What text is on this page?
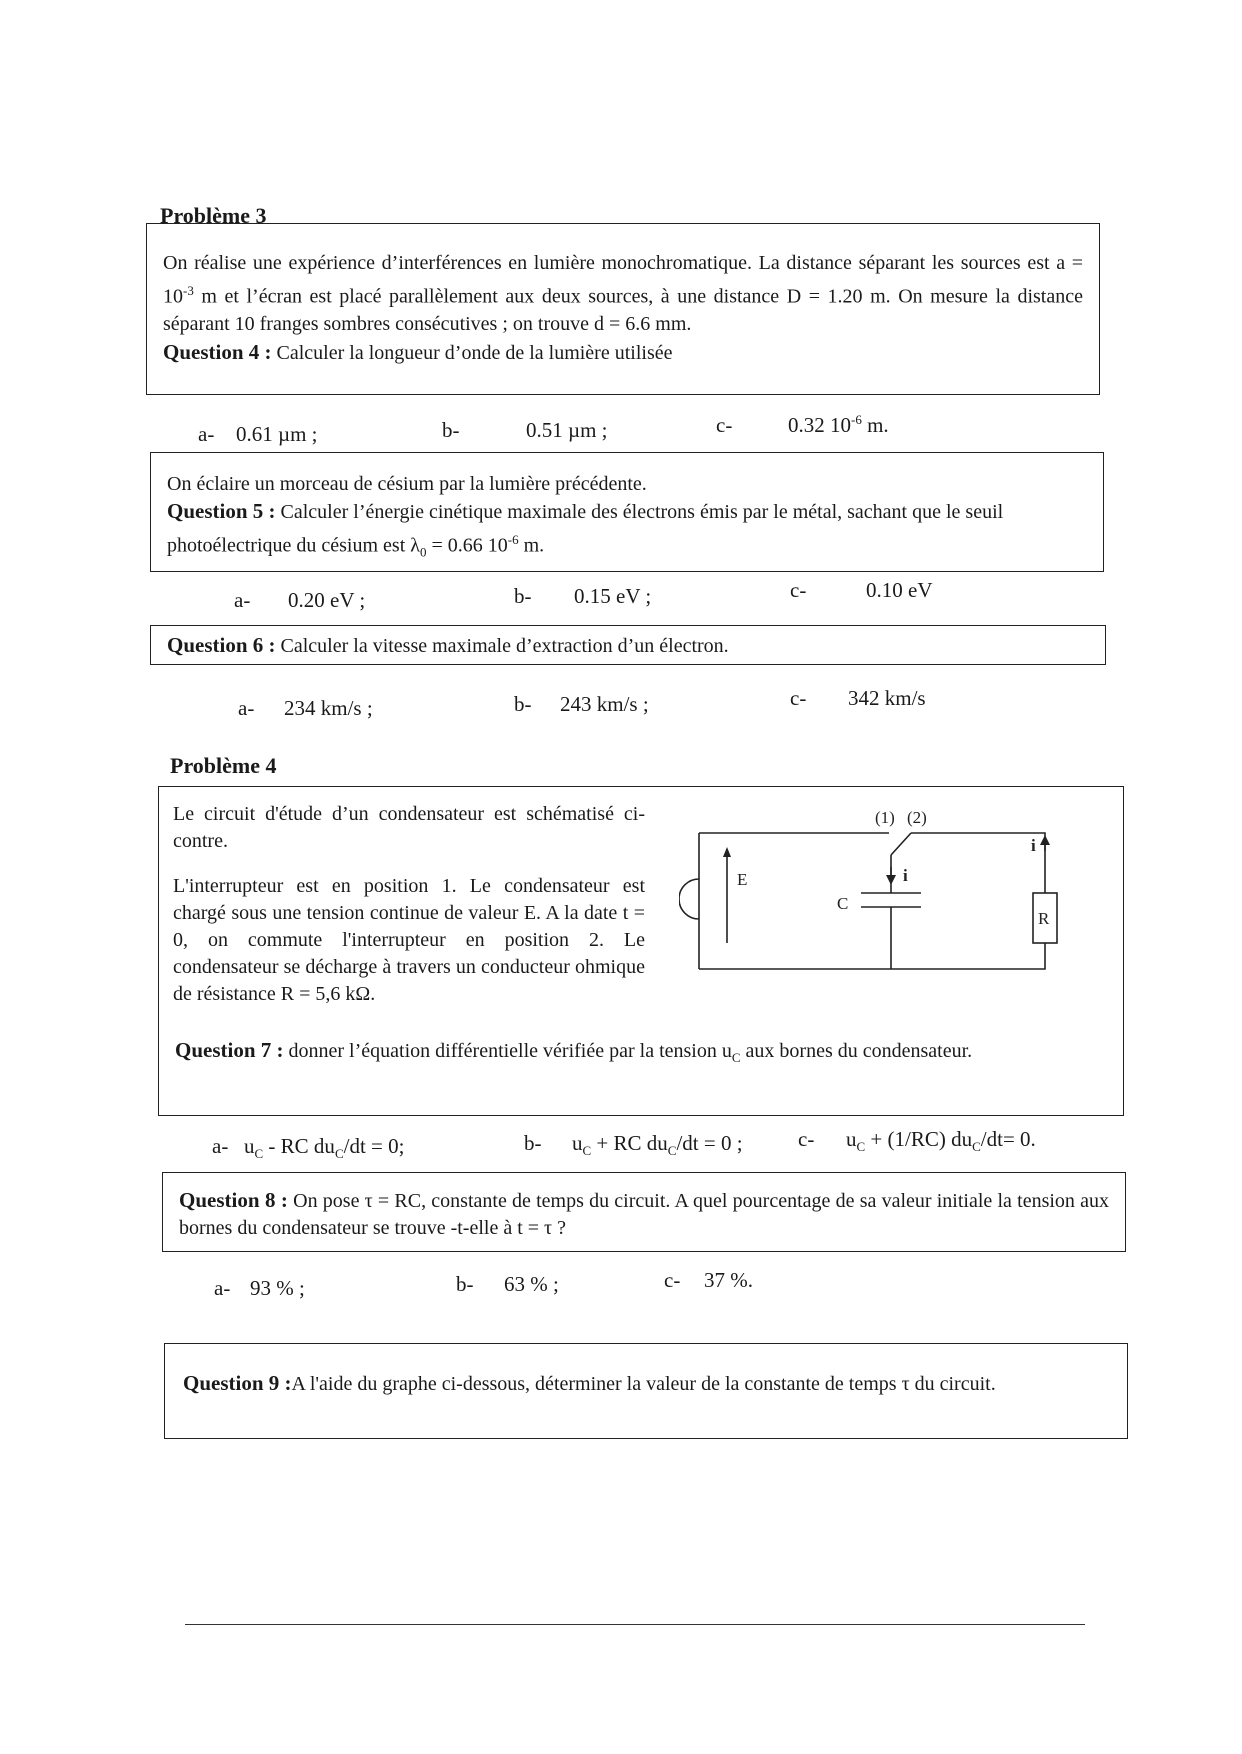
Problème 3

On réalise une expérience d’interférences en lumière monochromatique. La distance séparant les sources est $a = 10^{-3}$ m et l’écran est placé parallèlement aux deux sources, à une distance D = 1.20 m. On mesure la distance séparant 10 franges sombres consécutives ; on trouve d = 6.6 mm.

Question 4 : Calculer la longueur d’onde de la lumière utilisée

a- 0.61 µm ;	b-	0.51 µm ;	c-	0.32 $10^{-6}$ m.

On éclaire un morceau de césium par la lumière précédente.

Question 5 : Calculer l’énergie cinétique maximale des électrons émis par le métal, sachant que le seuil photoélectrique du césium est $\lambda_0 = 0.66$ $10^{-6}$ m.

a- 0.20 eV ;	b- 0.15 eV ;	c-	0.10 eV

Question 6 : Calculer la vitesse maximale d’extraction d’un électron.

a- 234 km/s ;	b- 243 km/s ;	c- 342 km/s
Problème 4

Le circuit d'étude d’un condensateur est schématisé ci-contre.

L'interrupteur est en position 1. Le condensateur est chargé sous une tension continue de valeur E. A la date t = 0, on commute l'interrupteur en position 2. Le condensateur se décharge à travers un conducteur ohmique de résistance R = 5,6 kΩ.

(1) (2)
E	i
i
C
R

Question 7 : donner l’équation différentielle vérifiée par la tension $u_C$ aux bornes du condensateur.

a- $u_C$ - RC $du_C/dt = 0$;	b- $u_C$ + RC $du_C/dt = 0$ ;	c- $u_C + (1/RC)$ $du_C/dt= 0$.

Question 8 : On pose τ = RC, constante de temps du circuit. A quel pourcentage de sa valeur initiale la tension aux bornes du condensateur se trouve -t-elle à t = τ ?

a- 93 % ;	b- 63 % ;	c- 37 %.

Question 9 :A l'aide du graphe ci-dessous, déterminer la valeur de la constante de temps τ du circuit.
